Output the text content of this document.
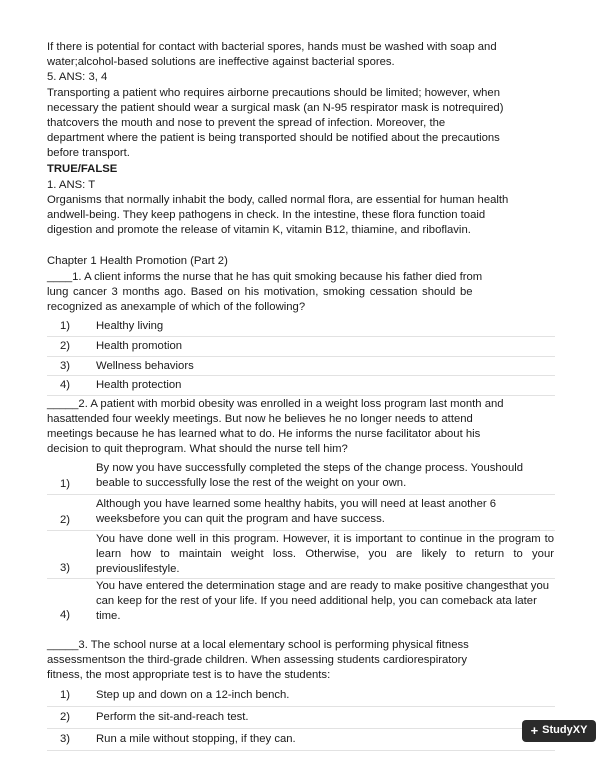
If there is potential for contact with bacterial spores, hands must be washed with soap and
water;alcohol-based solutions are ineffective against bacterial spores.
5. ANS: 3, 4
Transporting a patient who requires airborne precautions should be limited; however, when
necessary the patient should wear a surgical mask (an N-95 respirator mask is notrequired)
thatcovers the mouth and nose to prevent the spread of infection. Moreover, the
department where the patient is being transported should be notified about the precautions
before transport.
TRUE/FALSE
1. ANS: T
Organisms that normally inhabit the body, called normal flora, are essential for human health
andwell-being. They keep pathogens in check. In the intestine, these flora function toaid
digestion and promote the release of vitamin K, vitamin B12, thiamine, and riboflavin.
Chapter 1 Health Promotion (Part 2)
____1. A client informs the nurse that he has quit smoking because his father died from
lung cancer 3 months ago. Based on his motivation, smoking cessation should be
recognized as anexample of which of the following?
1)	Healthy living
2)	Health promotion
3)	Wellness behaviors
4)	Health protection
_____2. A patient with morbid obesity was enrolled in a weight loss program last month and
hasattended four weekly meetings. But now he believes he no longer needs to attend
meetings because he has learned what to do. He informs the nurse facilitator about his
decision to quit theprogram. What should the nurse tell him?
1)
By now you have successfully completed the steps of the change process. Youshould beable to successfully lose the rest of the weight on your own.
2)
Although you have learned some healthy habits, you will need at least another 6 weeksbefore you can quit the program and have success.
3)
You have done well in this program. However, it is important to continue in the program to learn how to maintain weight loss. Otherwise, you are likely to return to your previouslifestyle.
4)
You have entered the determination stage and are ready to make positive changesthat you can keep for the rest of your life. If you need additional help, you can comeback ata later time.
_____3. The school nurse at a local elementary school is performing physical fitness
assessmentson the third-grade children. When assessing students cardiorespiratory
fitness, the most appropriate test is to have the students:
1)	Step up and down on a 12-inch bench.
2)	Perform the sit-and-reach test.
3)	Run a mile without stopping, if they can.
+ StudyXY
